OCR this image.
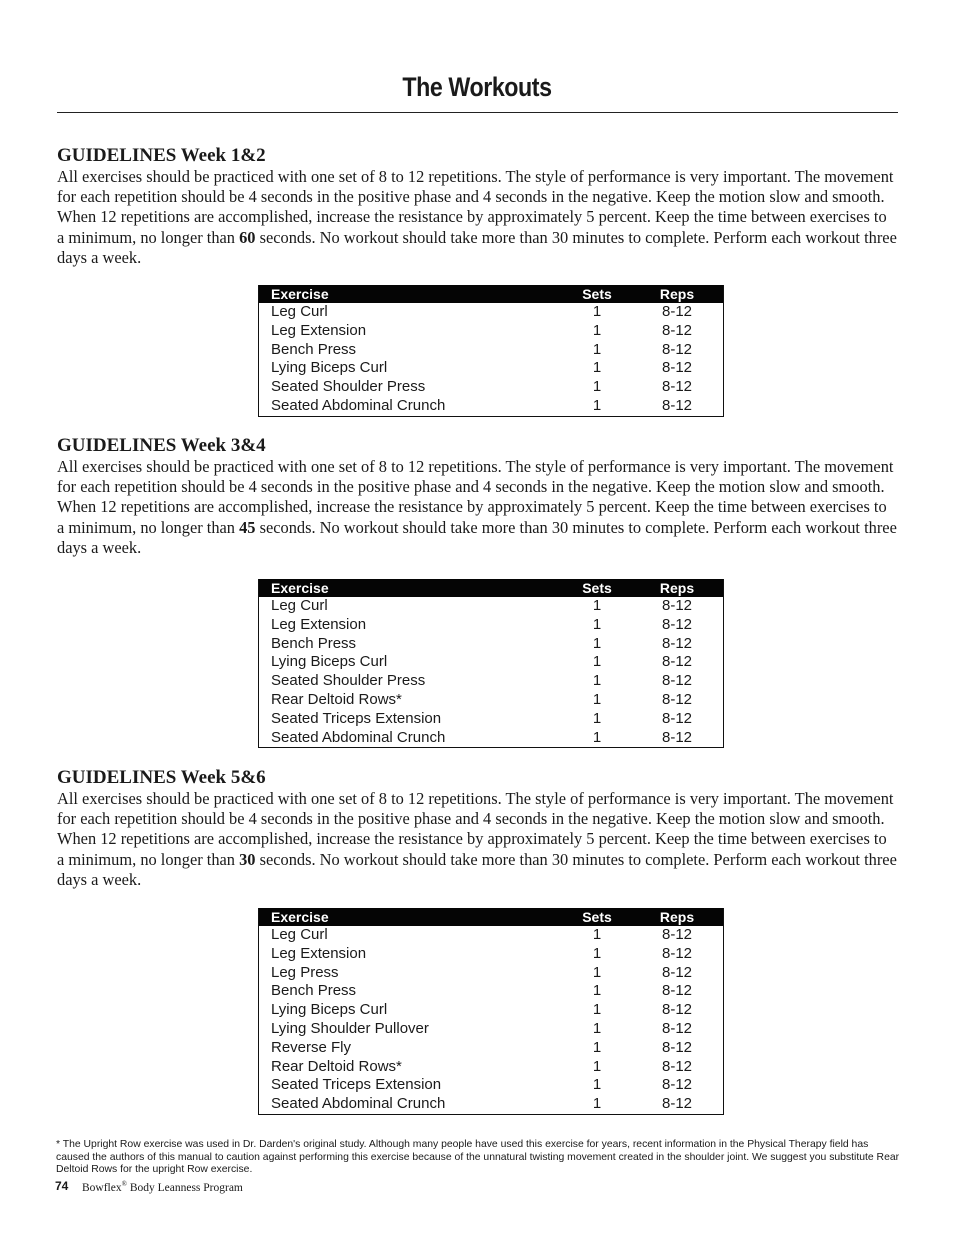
The Workouts
GUIDELINES Week 1&2

All exercises should be practiced with one set of 8 to 12 repetitions. The style of performance is very important. The movement for each repetition should be 4 seconds in the positive phase and 4 seconds in the negative. Keep the motion slow and smooth. When 12 repetitions are accomplished, increase the resistance by approximately 5 percent. Keep the time between exercises to a minimum, no longer than 60 seconds. No workout should take more than 30 minutes to complete. Perform each workout three days a week.

Exercise	Sets	Reps
Leg Curl	1	8-12
Leg Extension	1	8-12
Bench Press	1	8-12
Lying Biceps Curl	1	8-12
Seated Shoulder Press	1	8-12
Seated Abdominal Crunch	1	8-12
GUIDELINES Week 3&4

All exercises should be practiced with one set of 8 to 12 repetitions. The style of performance is very important. The movement for each repetition should be 4 seconds in the positive phase and 4 seconds in the negative. Keep the motion slow and smooth. When 12 repetitions are accomplished, increase the resistance by approximately 5 percent. Keep the time between exercises to a minimum, no longer than 45 seconds. No workout should take more than 30 minutes to complete. Perform each workout three days a week.

Exercise	Sets	Reps
Leg Curl	1	8-12
Leg Extension	1	8-12
Bench Press	1	8-12
Lying Biceps Curl	1	8-12
Seated Shoulder Press	1	8-12
Rear Deltoid Rows*	1	8-12
Seated Triceps Extension	1	8-12
Seated Abdominal Crunch	1	8-12
GUIDELINES Week 5&6

All exercises should be practiced with one set of 8 to 12 repetitions. The style of performance is very important. The movement for each repetition should be 4 seconds in the positive phase and 4 seconds in the negative. Keep the motion slow and smooth. When 12 repetitions are accomplished, increase the resistance by approximately 5 percent. Keep the time between exercises to a minimum, no longer than 30 seconds. No workout should take more than 30 minutes to complete. Perform each workout three days a week.

Exercise	Sets	Reps
Leg Curl	1	8-12
Leg Extension	1	8-12
Leg Press	1	8-12
Bench Press	1	8-12
Lying Biceps Curl	1	8-12
Lying Shoulder Pullover	1	8-12
Reverse Fly	1	8-12
Rear Deltoid Rows*	1	8-12
Seated Triceps Extension	1	8-12
Seated Abdominal Crunch	1	8-12
* The Upright Row exercise was used in Dr. Darden's original study. Although many people have used this exercise for years, recent information in the Physical Therapy field has caused the authors of this manual to caution against performing this exercise because of the unnatural twisting movement created in the shoulder joint. We suggest you substitute Rear Deltoid Rows for the upright Row exercise.
74 Bowflex® Body Leanness Program
